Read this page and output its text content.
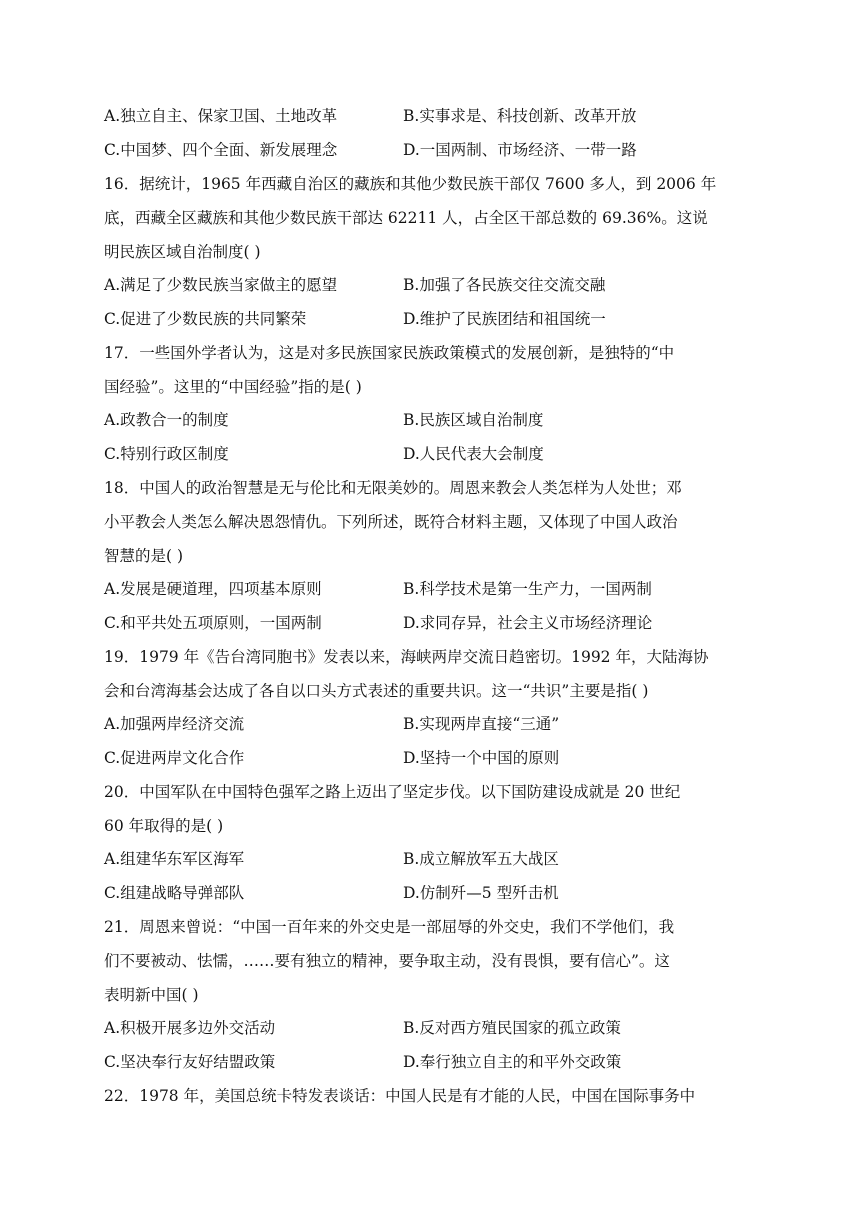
A.独立自主、保家卫国、土地改革	B.实事求是、科技创新、改革开放
C.中国梦、四个全面、新发展理念	D.一国两制、市场经济、一带一路
16．据统计，1965 年西藏自治区的藏族和其他少数民族干部仅 7600 多人，到 2006 年
底，西藏全区藏族和其他少数民族干部达 62211 人，占全区干部总数的 69.36%。这说
明民族区域自治制度( )
A.满足了少数民族当家做主的愿望	B.加强了各民族交往交流交融
C.促进了少数民族的共同繁荣	D.维护了民族团结和祖国统一
17．一些国外学者认为，这是对多民族国家民族政策模式的发展创新，是独特的“中
国经验”。这里的“中国经验”指的是( )
A.政教合一的制度	B.民族区域自治制度
C.特别行政区制度	D.人民代表大会制度
18．中国人的政治智慧是无与伦比和无限美妙的。周恩来教会人类怎样为人处世；邓
小平教会人类怎么解决恩怨情仇。下列所述，既符合材料主题，又体现了中国人政治
智慧的是( )
A.发展是硬道理，四项基本原则	B.科学技术是第一生产力，一国两制
C.和平共处五项原则，一国两制	D.求同存异，社会主义市场经济理论
19．1979 年《告台湾同胞书》发表以来，海峡两岸交流日趋密切。1992 年，大陆海协
会和台湾海基会达成了各自以口头方式表述的重要共识。这一“共识”主要是指( )
A.加强两岸经济交流	B.实现两岸直接“三通”
C.促进两岸文化合作	D.坚持一个中国的原则
20．中国军队在中国特色强军之路上迈出了坚定步伐。以下国防建设成就是 20 世纪
60 年取得的是( )
A.组建华东军区海军	B.成立解放军五大战区
C.组建战略导弹部队	D.仿制歼—5 型歼击机
21．周恩来曾说：“中国一百年来的外交史是一部屈辱的外交史，我们不学他们，我
们不要被动、怯懦，……要有独立的精神，要争取主动，没有畏惧，要有信心”。这
表明新中国( )
A.积极开展多边外交活动	B.反对西方殖民国家的孤立政策
C.坚决奉行友好结盟政策	D.奉行独立自主的和平外交政策
22．1978 年，美国总统卡特发表谈话：中国人民是有才能的人民，中国在国际事务中
